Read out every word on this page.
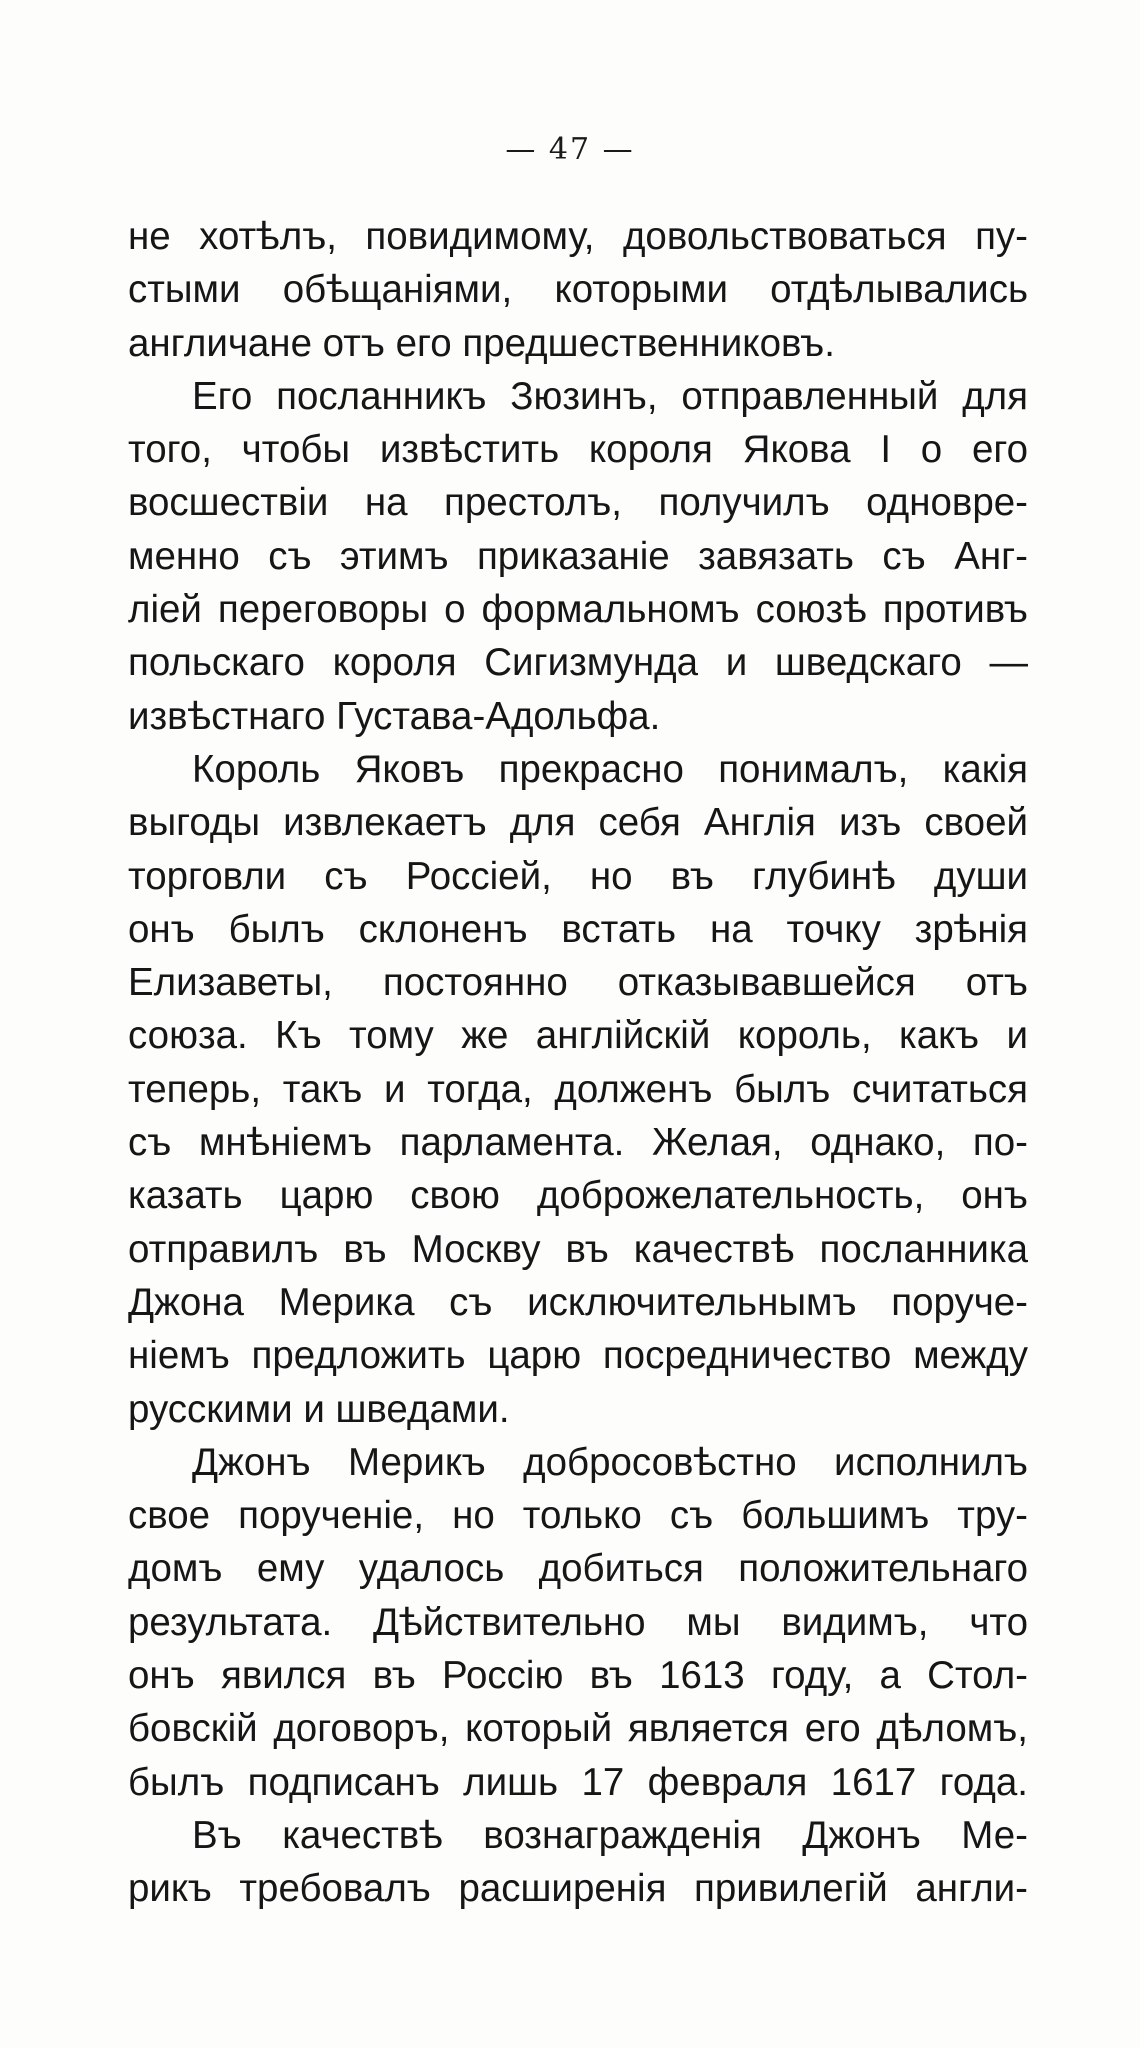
— 47 —
не хотѣлъ, повидимому, довольствоваться пу-
стыми обѣщаніями, которыми отдѣлывались
англичане отъ его предшественниковъ.
Его посланникъ Зюзинъ, отправленный для
того, чтобы извѣстить короля Якова I о его
восшествіи на престолъ, получилъ одновре-
менно съ этимъ приказаніе завязать съ Анг-
ліей переговоры о формальномъ союзѣ противъ
польскаго короля Сигизмунда и шведскаго —
извѣстнаго Густава-Адольфа.
Король Яковъ прекрасно понималъ, какія
выгоды извлекаетъ для себя Англія изъ своей
торговли съ Россіей, но въ глубинѣ души
онъ былъ склоненъ встать на точку зрѣнія
Елизаветы, постоянно отказывавшейся отъ
союза. Къ тому же англійскій король, какъ и
теперь, такъ и тогда, долженъ былъ считаться
съ мнѣніемъ парламента. Желая, однако, по-
казать царю свою доброжелательность, онъ
отправилъ въ Москву въ качествѣ посланника
Джона Мерика съ исключительнымъ поруче-
ніемъ предложить царю посредничество между
русскими и шведами.
Джонъ Мерикъ добросовѣстно исполнилъ
свое порученіе, но только съ большимъ тру-
домъ ему удалось добиться положительнаго
результата. Дѣйствительно мы видимъ, что
онъ явился въ Россію въ 1613 году, а Стол-
бовскій договоръ, который является его дѣломъ,
былъ подписанъ лишь 17 февраля 1617 года.
Въ качествѣ вознагражденія Джонъ Ме-
рикъ требовалъ расширенія привилегій англи-
